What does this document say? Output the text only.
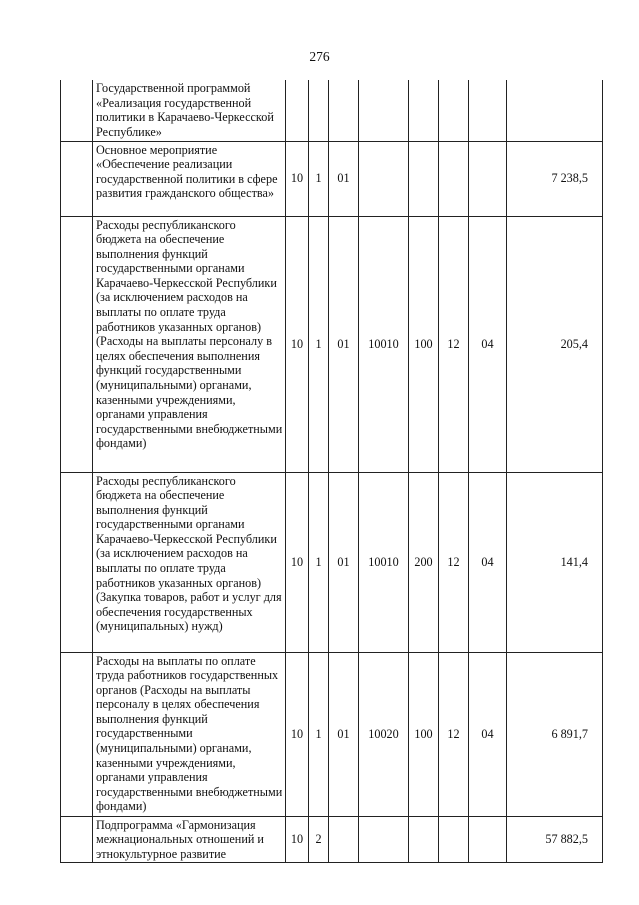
276
	Государственной программой «Реализация государственной политики в Карачаево-Черкесской Республике»								
	Основное мероприятие «Обеспечение реализации государственной политики в сфере развития гражданского общества»	10	1	01					7 238,5
	Расходы республиканского бюджета на обеспечение выполнения функций государственными органами Карачаево-Черкесской Республики (за исключением расходов на выплаты по оплате труда работников указанных органов) (Расходы на выплаты персоналу в целях обеспечения выполнения функций государственными (муниципальными) органами, казенными учреждениями, органами управления государственными внебюджетными фондами)	10	1	01	10010	100	12	04	205,4
	Расходы республиканского бюджета на обеспечение выполнения функций государственными органами Карачаево-Черкесской Республики (за исключением расходов на выплаты по оплате труда работников указанных органов) (Закупка товаров, работ и услуг для обеспечения государственных (муниципальных) нужд)	10	1	01	10010	200	12	04	141,4
	Расходы на выплаты по оплате труда работников государственных органов (Расходы на выплаты персоналу в целях обеспечения выполнения функций государственными (муниципальными) органами, казенными учреждениями, органами управления государственными внебюджетными фондами)	10	1	01	10020	100	12	04	6 891,7
	Подпрограмма «Гармонизация межнациональных отношений и этнокультурное развитие	10	2						57 882,5
